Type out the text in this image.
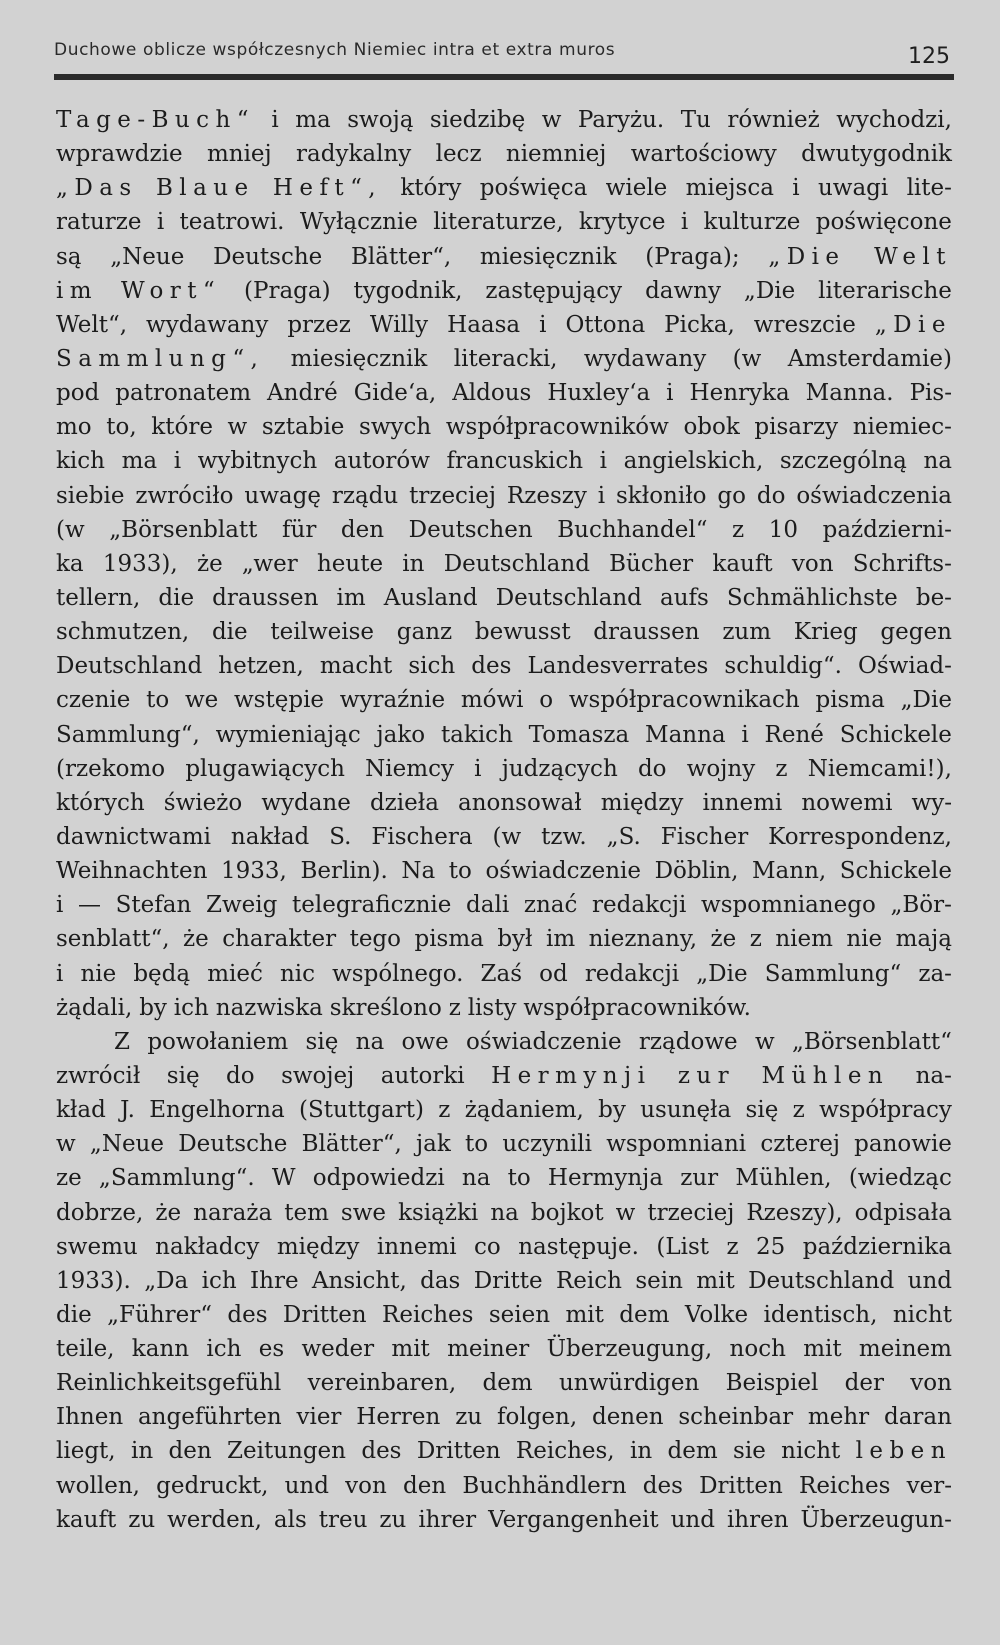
Duchowe oblicze współczesnych Niemiec intra et extra muros	125
Tage-Buch“ i ma swoją siedzibę w Paryżu. Tu również wychodzi,
wprawdzie mniej radykalny lecz niemniej wartościowy dwutygodnik
„Das Blaue Heft“, który poświęca wiele miejsca i uwagi lite-
raturze i teatrowi. Wyłącznie literaturze, krytyce i kulturze poświęcone
są „Neue Deutsche Blätter“, miesięcznik (Praga); „Die Welt
im Wort“ (Praga) tygodnik, zastępujący dawny „Die literarische
Welt“, wydawany przez Willy Haasa i Ottona Picka, wreszcie „Die
Sammlung“, miesięcznik literacki, wydawany (w Amsterdamie)
pod patronatem André Gide‘a, Aldous Huxley‘a i Henryka Manna. Pis-
mo to, które w sztabie swych współpracowników obok pisarzy niemiec-
kich ma i wybitnych autorów francuskich i angielskich, szczególną na
siebie zwróciło uwagę rządu trzeciej Rzeszy i skłoniło go do oświadczenia
(w „Börsenblatt für den Deutschen Buchhandel“ z 10 październi-
ka 1933), że „wer heute in Deutschland Bücher kauft von Schrifts-
tellern, die draussen im Ausland Deutschland aufs Schmählichste be-
schmutzen, die teilweise ganz bewusst draussen zum Krieg gegen
Deutschland hetzen, macht sich des Landesverrates schuldig“. Oświad-
czenie to we wstępie wyraźnie mówi o współpracownikach pisma „Die
Sammlung“, wymieniając jako takich Tomasza Manna i René Schickele
(rzekomo plugawiących Niemcy i judzących do wojny z Niemcami!),
których świeżo wydane dzieła anonsował między innemi nowemi wy-
dawnictwami nakład S. Fischera (w tzw. „S. Fischer Korrespondenz,
Weihnachten 1933, Berlin). Na to oświadczenie Döblin, Mann, Schickele
i — Stefan Zweig telegraficznie dali znać redakcji wspomnianego „Bör-
senblatt“, że charakter tego pisma był im nieznany, że z niem nie mają
i nie będą mieć nic wspólnego. Zaś od redakcji „Die Sammlung“ za-
żądali, by ich nazwiska skreślono z listy współpracowników.
Z powołaniem się na owe oświadczenie rządowe w „Börsenblatt“
zwrócił się do swojej autorki Hermynji zur Mühlen na-
kład J. Engelhorna (Stuttgart) z żądaniem, by usunęła się z współpracy
w „Neue Deutsche Blätter“, jak to uczynili wspomniani czterej panowie
ze „Sammlung“. W odpowiedzi na to Hermynja zur Mühlen, (wiedząc
dobrze, że naraża tem swe książki na bojkot w trzeciej Rzeszy), odpisała
swemu nakładcy między innemi co następuje. (List z 25 października
1933). „Da ich Ihre Ansicht, das Dritte Reich sein mit Deutschland und
die „Führer“ des Dritten Reiches seien mit dem Volke identisch, nicht
teile, kann ich es weder mit meiner Überzeugung, noch mit meinem
Reinlichkeitsgefühl vereinbaren, dem unwürdigen Beispiel der von
Ihnen angeführten vier Herren zu folgen, denen scheinbar mehr daran
liegt, in den Zeitungen des Dritten Reiches, in dem sie nicht leben
wollen, gedruckt, und von den Buchhändlern des Dritten Reiches ver-
kauft zu werden, als treu zu ihrer Vergangenheit und ihren Überzeugun-
